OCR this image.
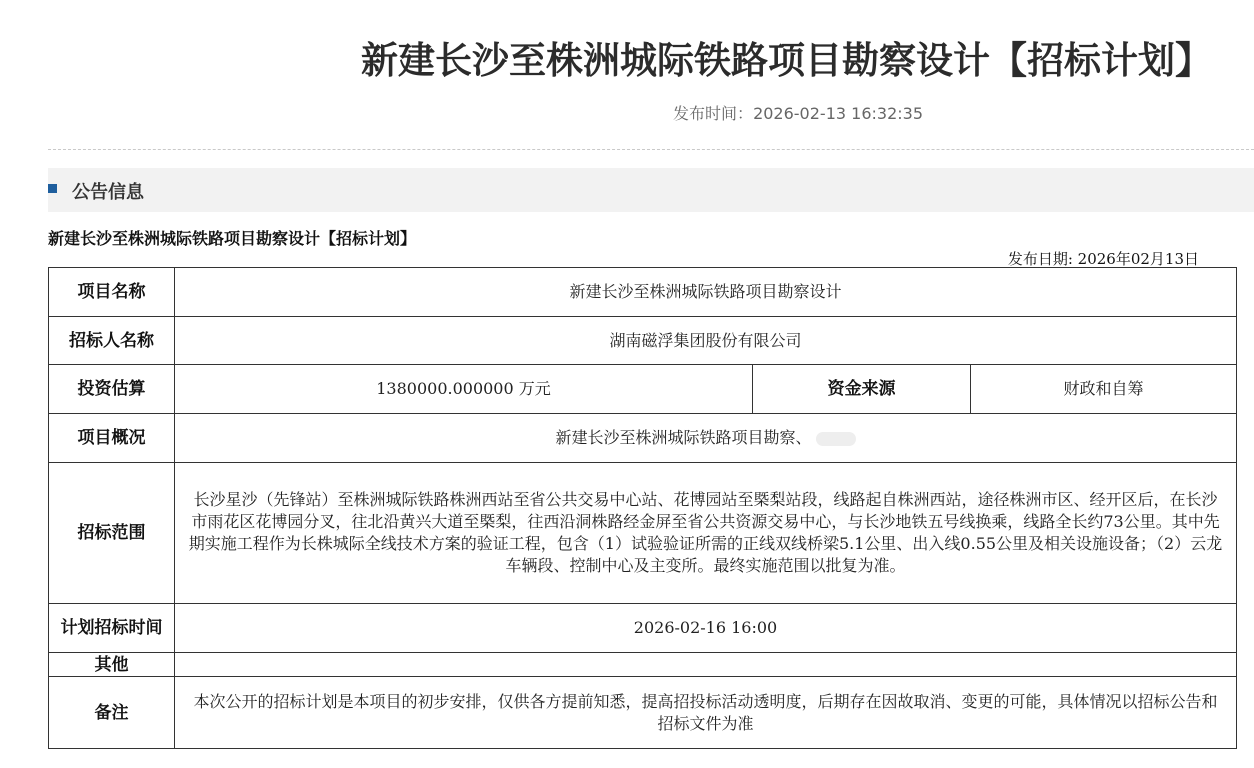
新建长沙至株洲城际铁路项目勘察设计【招标计划】
发布时间：2026-02-13 16:32:35
公告信息
新建长沙至株洲城际铁路项目勘察设计【招标计划】
发布日期: 2026年02月13日
项目名称	新建长沙至株洲城际铁路项目勘察设计		
招标人名称	湖南磁浮集团股份有限公司		
投资估算	1380000.000000 万元	资金来源	财政和自筹
项目概况	新建长沙至株洲城际铁路项目勘察、		
招标范围	长沙星沙（先锋站）至株洲城际铁路株洲西站至省公共交易中心站、花博园站至槩梨站段，线路起自株洲西站，途径株洲市区、经开区后，在长沙市雨花区花博园分叉，往北沿黄兴大道至槩梨，往西沿洞株路经金屏至省公共资源交易中心，与长沙地铁五号线换乘，线路全长约73公里。其中先期实施工程作为长株城际全线技术方案的验证工程，包含（1）试验验证所需的正线双线桥梁5.1公里、出入线0.55公里及相关设施设备；（2）云龙车辆段、控制中心及主变所。最终实施范围以批复为准。		
计划招标时间	2026-02-16 16:00		
其他			
备注	本次公开的招标计划是本项目的初步安排，仅供各方提前知悉，提高招投标活动透明度，后期存在因故取消、变更的可能，具体情况以招标公告和招标文件为准		
